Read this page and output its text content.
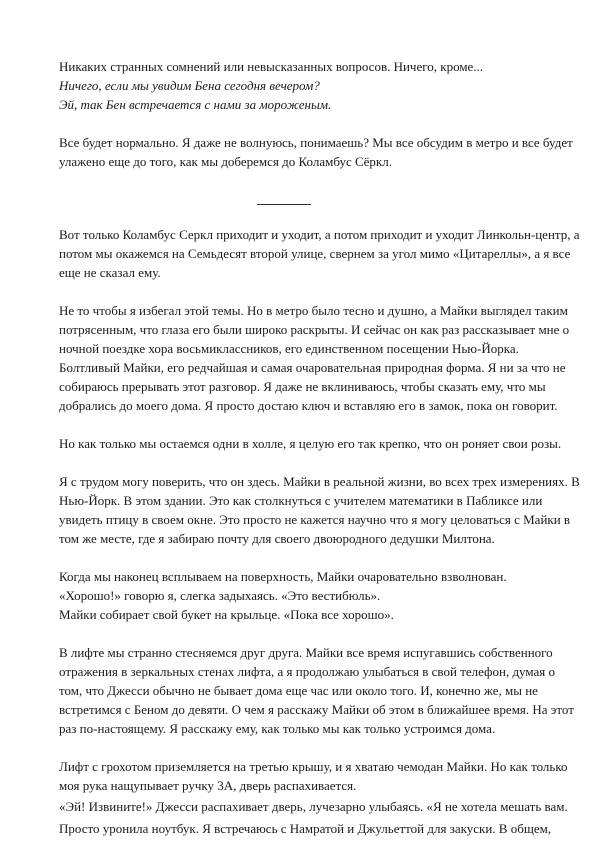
Никаких странных сомнений или невысказанных вопросов. Ничего, кроме...

Ничего, если мы увидим Бена сегодня вечером?

Эй, так Бен встречается с нами за мороженым.

Все будет нормально. Я даже не волнуюсь, понимаешь? Мы все обсудим в метро и все будет

улажено еще до того, как мы доберемся до Коламбус Сёркл.

Вот только Коламбус Серкл приходит и уходит, а потом приходит и уходит Линкольн-центр, а

потом мы окажемся на Семьдесят второй улице, свернем за угол мимо «Цитареллы», а я все

еще не сказал ему.

Не то чтобы я избегал этой темы. Но в метро было тесно и душно, а Майки выглядел таким

потрясенным, что глаза его были широко раскрыты. И сейчас он как раз рассказывает мне о

ночной поездке хора восьмиклассников, его единственном посещении Нью-Йорка.

Болтливый Майки, его редчайшая и самая очаровательная природная форма. Я ни за что не

собираюсь прерывать этот разговор. Я даже не вклиниваюсь, чтобы сказать ему, что мы

добрались до моего дома. Я просто достаю ключ и вставляю его в замок, пока он говорит.

Но как только мы остаемся одни в холле, я целую его так крепко, что он роняет свои розы.

Я с трудом могу поверить, что он здесь. Майки в реальной жизни, во всех трех измерениях. В

Нью-Йорк. В этом здании. Это как столкнуться с учителем математики в Пабликсе или

увидеть птицу в своем окне. Это просто не кажется научно что я могу целоваться с Майки в

том же месте, где я забираю почту для своего двоюродного дедушки Милтона.

Когда мы наконец всплываем на поверхность, Майки очаровательно взволнован.

«Хорошо!» говорю я, слегка задыхаясь. «Это вестибюль».

Майки собирает свой букет на крыльце. «Пока все хорошо».

В лифте мы странно стесняемся друг друга. Майки все время испугавшись собственного

отражения в зеркальных стенах лифта, а я продолжаю улыбаться в свой телефон, думая о

том, что Джесси обычно не бывает дома еще час или около того. И, конечно же, мы не

встретимся с Беном до девяти. О чем я расскажу Майки об этом в ближайшее время. На этот

раз по-настоящему. Я расскажу ему, как только мы как только устроимся дома.

Лифт с грохотом приземляется на третью крышу, и я хватаю чемодан Майки. Но как только

моя рука нащупывает ручку 3А, дверь распахивается.

«Эй! Извините!» Джесси распахивает дверь, лучезарно улыбаясь. «Я не хотела мешать вам.

Просто уронила ноутбук. Я встречаюсь с Намратой и Джульеттой для закуски. В общем,
